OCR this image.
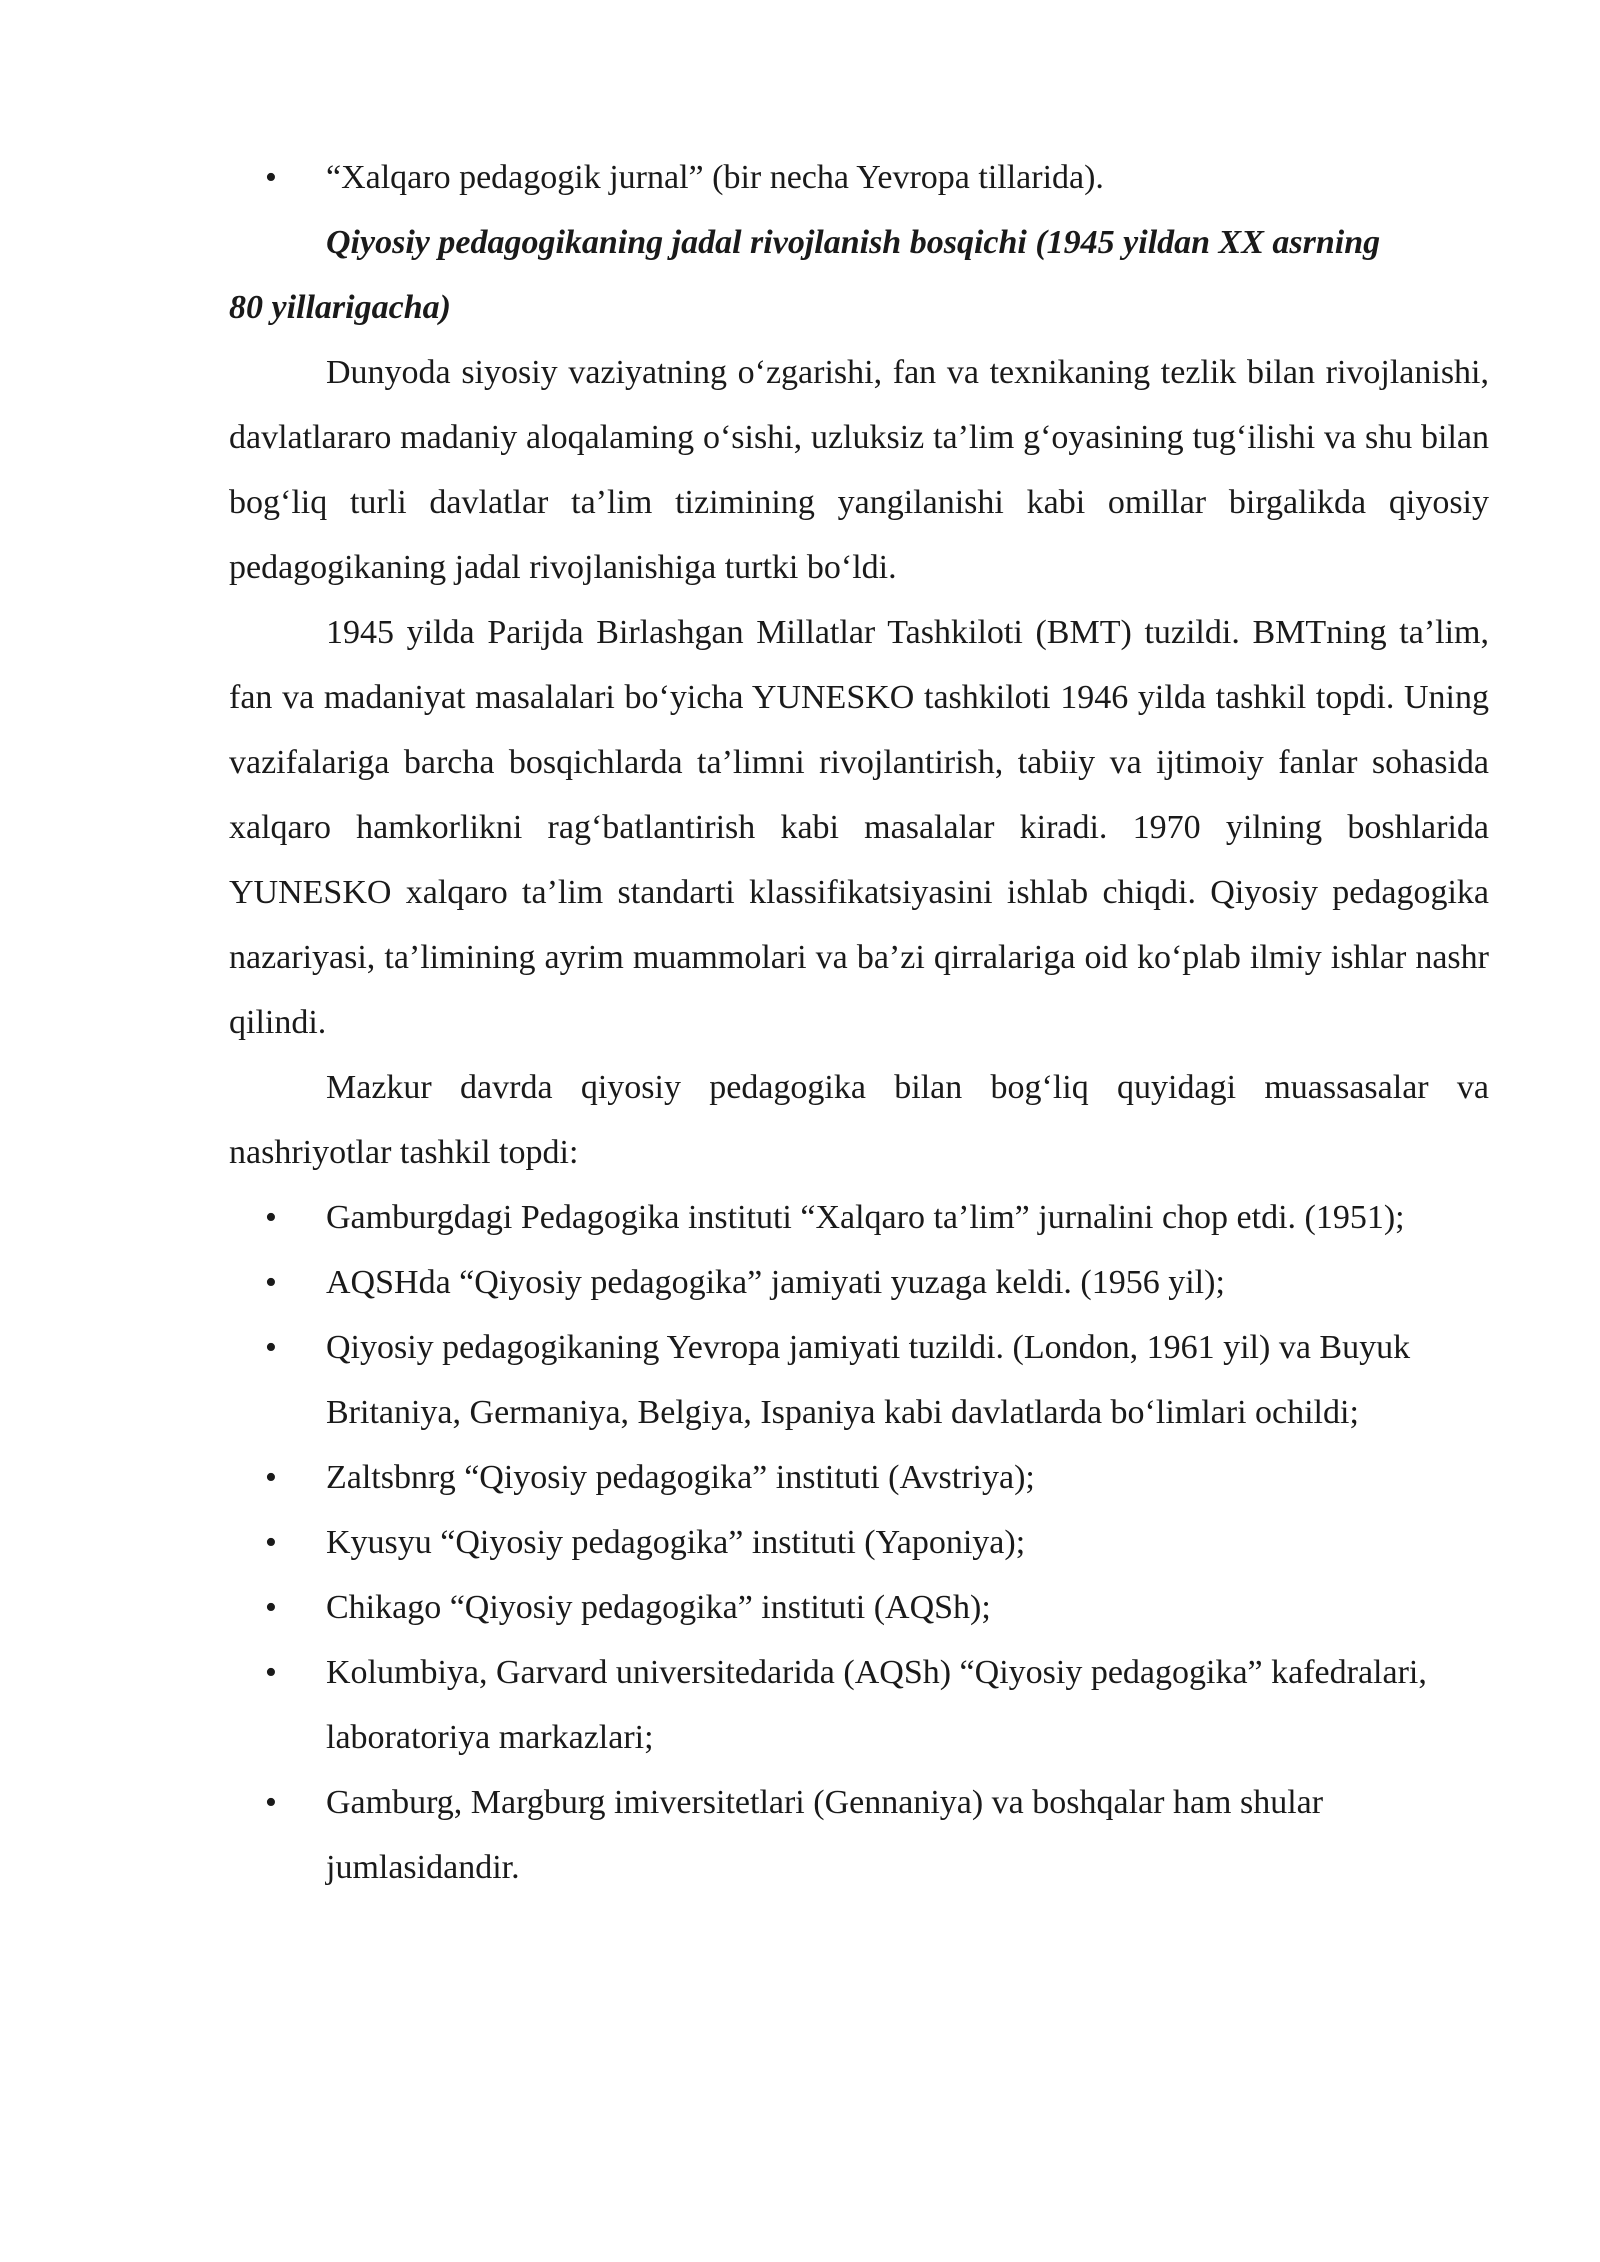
• “Xalqaro pedagogik jurnal” (bir necha Yevropa tillarida).
Qiyosiy pedagogikaning jadal rivojlanish bosqichi (1945 yildan XX asrning 80 yillarigacha)
Dunyoda siyosiy vaziyatning o‘zgarishi, fan va texnikaning tezlik bilan rivojlanishi, davlatlararo madaniy aloqalaming o‘sishi, uzluksiz ta’lim g‘oyasining tug‘ilishi va shu bilan bog‘liq turli davlatlar ta’lim tizimining yangilanishi kabi omillar birgalikda qiyosiy pedagogikaning jadal rivojlanishiga turtki bo‘ldi.
1945 yilda Parijda Birlashgan Millatlar Tashkiloti (BMT) tuzildi. BMTning ta’lim, fan va madaniyat masalalari bo‘yicha YUNESKO tashkiloti 1946 yilda tashkil topdi. Uning vazifalariga barcha bosqichlarda ta’limni rivojlantirish, tabiiy va ijtimoiy fanlar sohasida xalqaro hamkorlikni rag‘batlantirish kabi masalalar kiradi. 1970 yilning boshlarida YUNESKO xalqaro ta’lim standarti klassifikatsiyasini ishlab chiqdi. Qiyosiy pedagogika nazariyasi, ta’limining ayrim muammolari va ba’zi qirralariga oid ko‘plab ilmiy ishlar nashr qilindi.
Mazkur davrda qiyosiy pedagogika bilan bog‘liq quyidagi muassasalar va nashriyotlar tashkil topdi:
• Gamburgdagi Pedagogika instituti “Xalqaro ta’lim” jurnalini chop etdi. (1951);
• AQSHda “Qiyosiy pedagogika” jamiyati yuzaga keldi. (1956 yil);
• Qiyosiy pedagogikaning Yevropa jamiyati tuzildi. (London, 1961 yil) va Buyuk Britaniya, Germaniya, Belgiya, Ispaniya kabi davlatlarda bo‘limlari ochildi;
• Zaltsbnrg “Qiyosiy pedagogika” instituti (Avstriya);
• Kyusyu “Qiyosiy pedagogika” instituti (Yaponiya);
• Chikago “Qiyosiy pedagogika” instituti (AQSh);
• Kolumbiya, Garvard universitedarida (AQSh) “Qiyosiy pedagogika” kafedralari, laboratoriya markazlari;
• Gamburg, Margburg imiversitetlari (Gennaniya) va boshqalar ham shular jumlasidandir.
